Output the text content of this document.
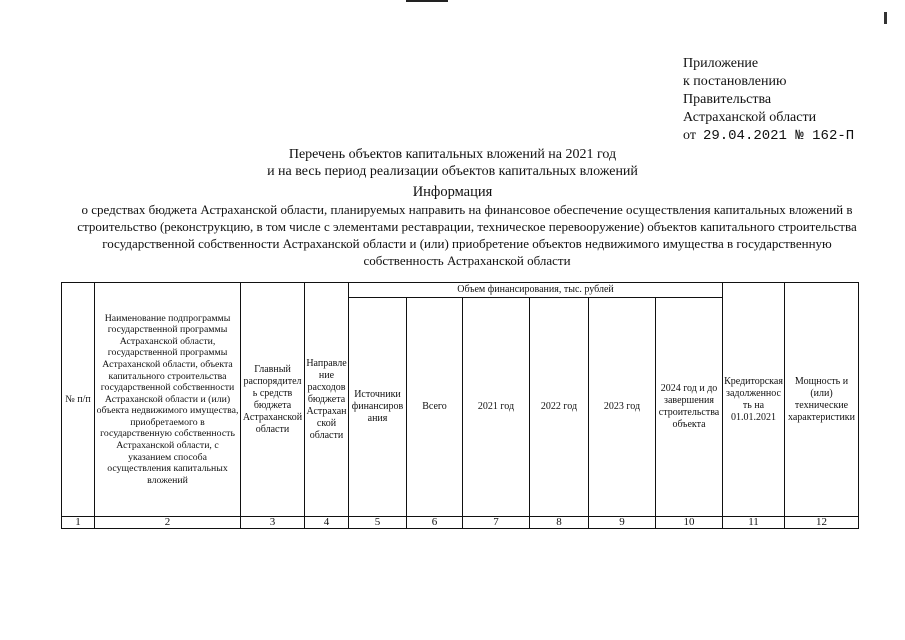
Приложение
к постановлению
Правительства
Астраханской области
от 29.04.2021 № 162-П
Перечень объектов капитальных вложений на 2021 год
и на весь период реализации объектов капитальных вложений
Информация
о средствах бюджета Астраханской области, планируемых направить на финансовое обеспечение осуществления капитальных вложений в строительство (реконструкцию, в том числе с элементами реставрации, техническое перевооружение) объектов капитального строительства государственной собственности Астраханской области и (или) приобретение объектов недвижимого имущества в государственную собственность Астраханской области
№ п/п	Наименование подпрограммы государственной программы Астраханской области, государственной программы Астраханской области, объекта капитального строительства государственной собственности Астраханской области и (или) объекта недвижимого имущества, приобретаемого в государственную собственность Астраханской области, с указанием способа осуществления капитальных вложений	Главный распорядитель средств бюджета Астраханской области	Направление расходов бюджета Астраханской области	Объем финансирования, тыс. рублей						Кредиторская задолженность на 01.01.2021	Мощность и (или) технические характеристики
				Источники финансирования	Всего	2021 год	2022 год	2023 год	2024 год и до завершения строительства объекта		
1	2	3	4	5	6	7	8	9	10	11	12
